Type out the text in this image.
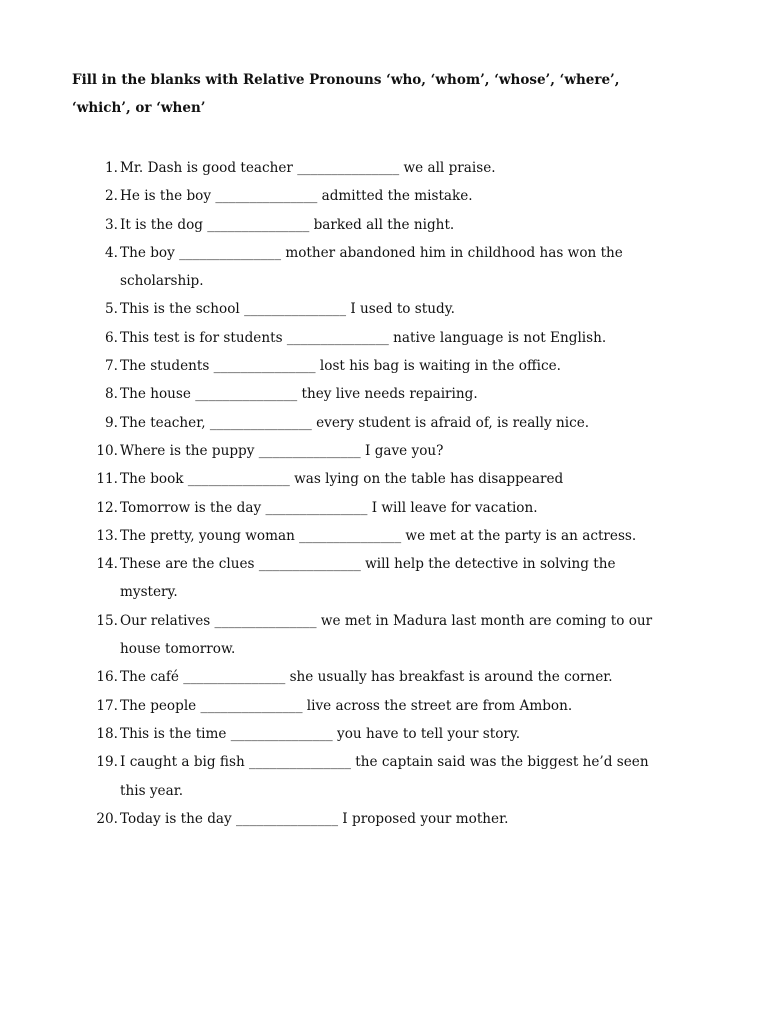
Fill in the blanks with Relative Pronouns ‘who, ‘whom’, ‘whose’, ‘where’,
‘which’, or ‘when’
1. Mr. Dash is good teacher _______________ we all praise.
2. He is the boy _______________ admitted the mistake.
3. It is the dog _______________ barked all the night.
4. The boy _______________ mother abandoned him in childhood has won the
scholarship.
5. This is the school _______________ I used to study.
6. This test is for students _______________ native language is not English.
7. The students _______________ lost his bag is waiting in the office.
8. The house _______________ they live needs repairing.
9. The teacher, _______________ every student is afraid of, is really nice.
10. Where is the puppy _______________ I gave you?
11. The book _______________ was lying on the table has disappeared
12. Tomorrow is the day _______________ I will leave for vacation.
13. The pretty, young woman _______________ we met at the party is an actress.
14. These are the clues _______________ will help the detective in solving the
mystery.
15. Our relatives _______________ we met in Madura last month are coming to our
house tomorrow.
16. The café _______________ she usually has breakfast is around the corner.
17. The people _______________ live across the street are from Ambon.
18. This is the time _______________ you have to tell your story.
19. I caught a big fish _______________ the captain said was the biggest he’d seen
this year.
20. Today is the day _______________ I proposed your mother.
